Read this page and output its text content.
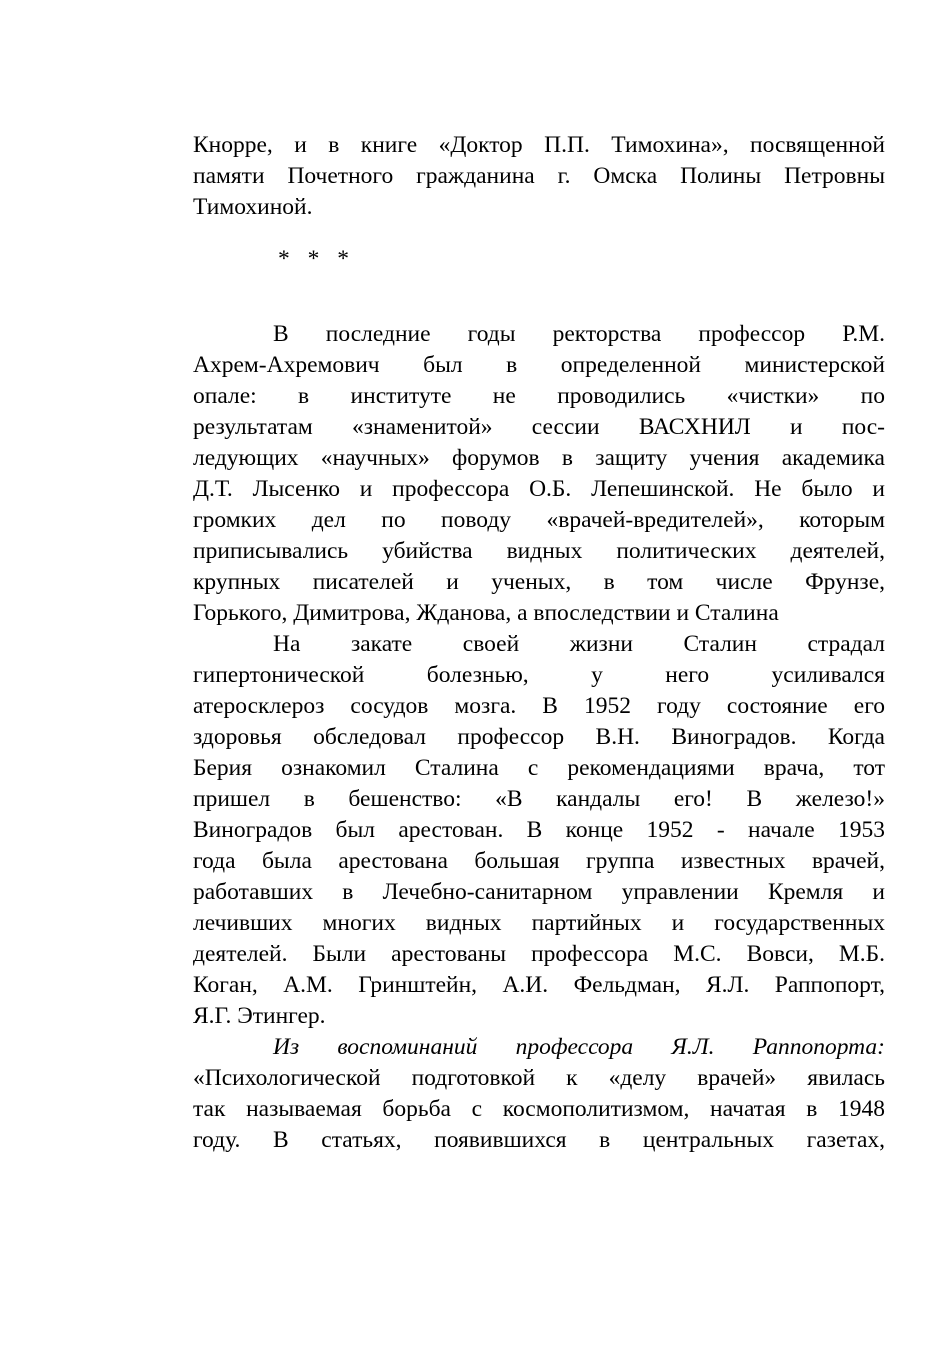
Кнорре, и в книге «Доктор П.П. Тимохина», посвященной
памяти Почетного гражданина г. Омска Полины Петровны
Тимохиной.
* * *
В последние годы ректорства профессор Р.М.
Ахрем-Ахремович был в определенной министерской
опале: в институте не проводились «чистки» по
результатам «знаменитой» сессии ВАСХНИЛ и пос-
ледующих «научных» форумов в защиту учения академика
Д.Т. Лысенко и профессора О.Б. Лепешинской. Не было и
громких дел по поводу «врачей-вредителей», которым
приписывались убийства видных политических деятелей,
крупных писателей и ученых, в том числе Фрунзе,
Горького, Димитрова, Жданова, а впоследствии и Сталина
На закате своей жизни Сталин страдал
гипертонической болезнью, у него усиливался
атеросклероз сосудов мозга. В 1952 году состояние его
здоровья обследовал профессор В.Н. Виноградов. Когда
Берия ознакомил Сталина с рекомендациями врача, тот
пришел в бешенство: «В кандалы его! В железо!»
Виноградов был арестован. В конце 1952 - начале 1953
года была арестована большая группа известных врачей,
работавших в Лечебно-санитарном управлении Кремля и
лечивших многих видных партийных и государственных
деятелей. Были арестованы профессора М.С. Вовси, М.Б.
Коган, А.М. Гринштейн, А.И. Фельдман, Я.Л. Раппопорт,
Я.Г. Этингер.
Из воспоминаний профессора Я.Л. Раппопорта:
«Психологической подготовкой к «делу врачей» явилась
так называемая борьба с космополитизмом, начатая в 1948
году. В статьях, появившихся в центральных газетах,
